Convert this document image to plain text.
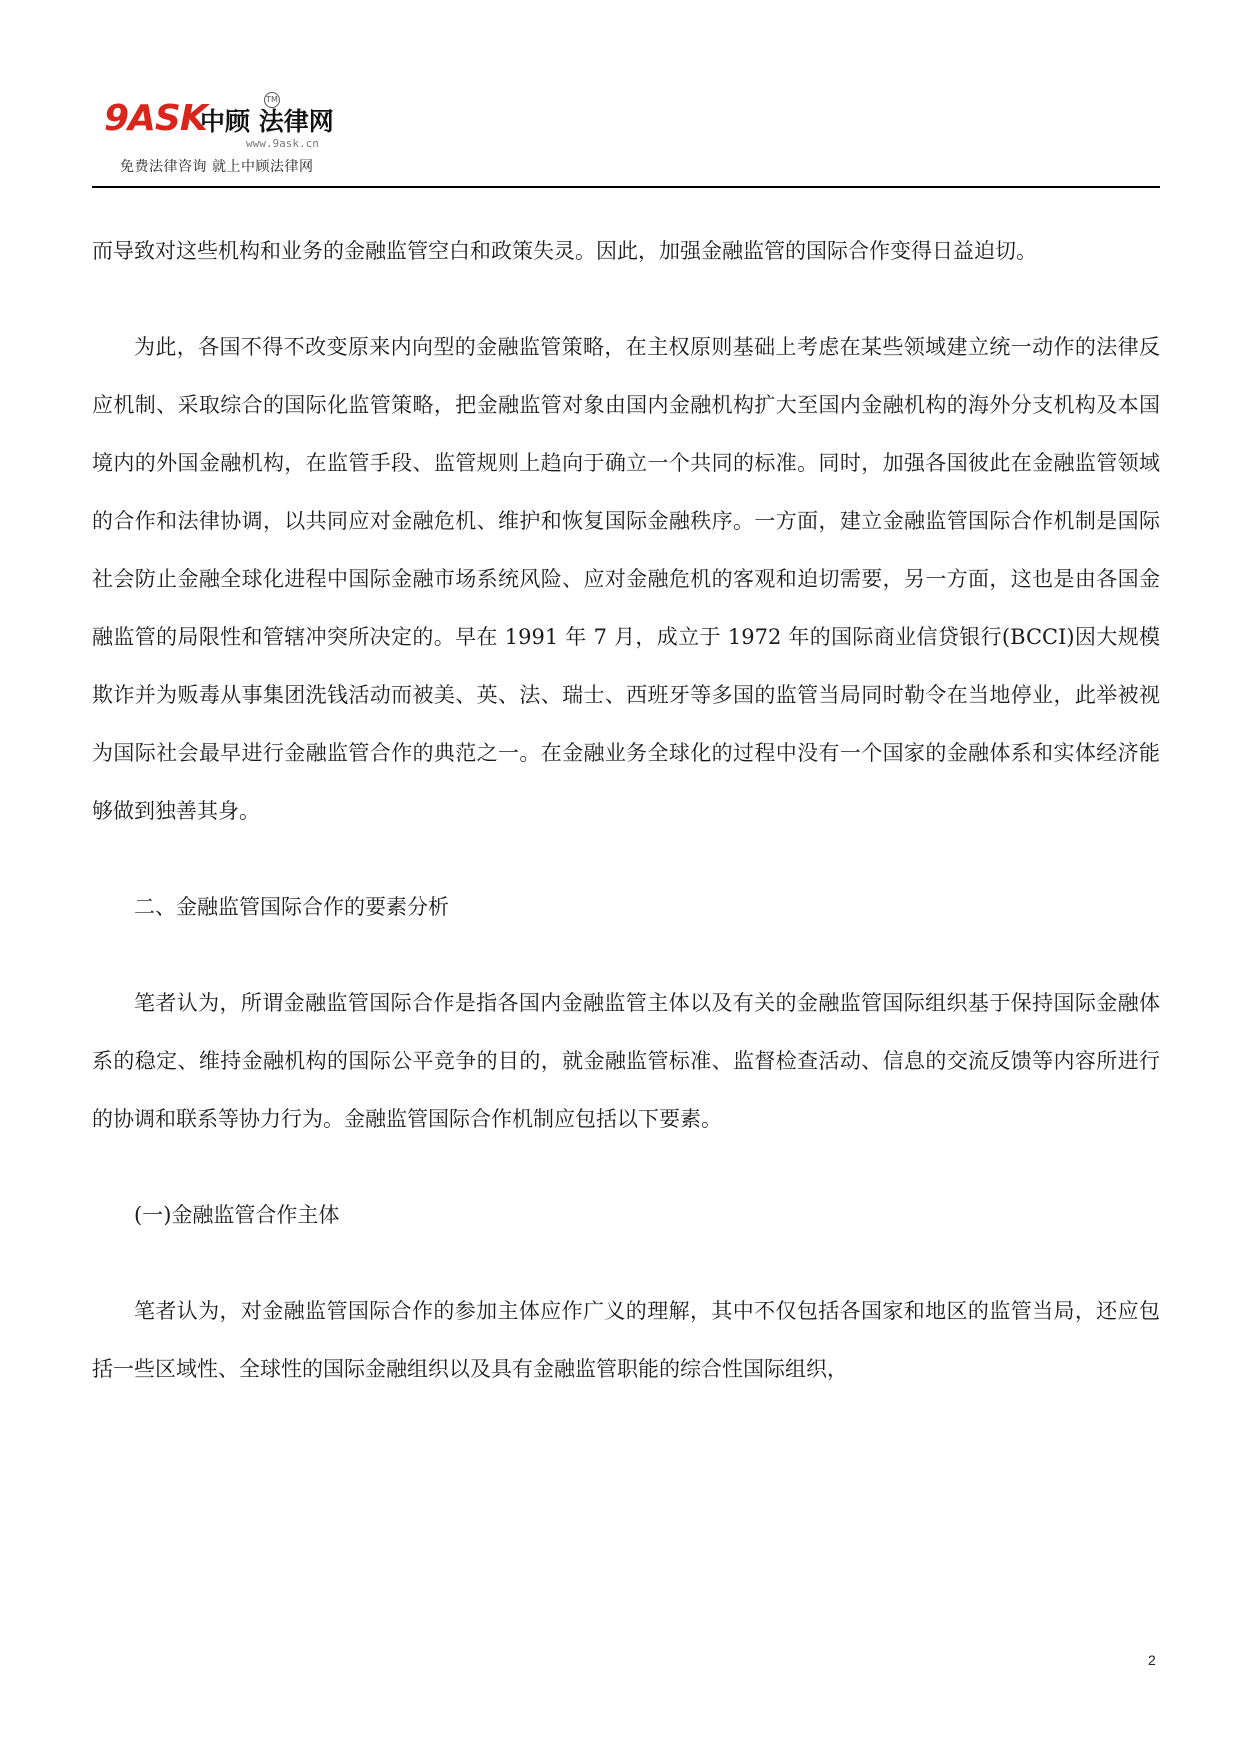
9ASK
中顾 法律网
TM
www.9ask.cn
免费法律咨询 就上中顾法律网

而导致对这些机构和业务的金融监管空白和政策失灵。因此，加强金融监管的国际合作变得日益迫切。

为此，各国不得不改变原来内向型的金融监管策略，在主权原则基础上考虑在某些领域建立统一动作的法律反应机制、采取综合的国际化监管策略，把金融监管对象由国内金融机构扩大至国内金融机构的海外分支机构及本国境内的外国金融机构，在监管手段、监管规则上趋向于确立一个共同的标准。同时，加强各国彼此在金融监管领域的合作和法律协调，以共同应对金融危机、维护和恢复国际金融秩序。一方面，建立金融监管国际合作机制是国际社会防止金融全球化进程中国际金融市场系统风险、应对金融危机的客观和迫切需要，另一方面，这也是由各国金融监管的局限性和管辖冲突所决定的。早在 1991 年 7 月，成立于 1972 年的国际商业信贷银行(BCCI)因大规模欺诈并为贩毒从事集团洗钱活动而被美、英、法、瑞士、西班牙等多国的监管当局同时勒令在当地停业，此举被视为国际社会最早进行金融监管合作的典范之一。在金融业务全球化的过程中没有一个国家的金融体系和实体经济能够做到独善其身。

二、金融监管国际合作的要素分析

笔者认为，所谓金融监管国际合作是指各国内金融监管主体以及有关的金融监管国际组织基于保持国际金融体系的稳定、维持金融机构的国际公平竞争的目的，就金融监管标准、监督检查活动、信息的交流反馈等内容所进行的协调和联系等协力行为。金融监管国际合作机制应包括以下要素。

(一)金融监管合作主体

笔者认为，对金融监管国际合作的参加主体应作广义的理解，其中不仅包括各国家和地区的监管当局，还应包括一些区域性、全球性的国际金融组织以及具有金融监管职能的综合性国际组织，

2
